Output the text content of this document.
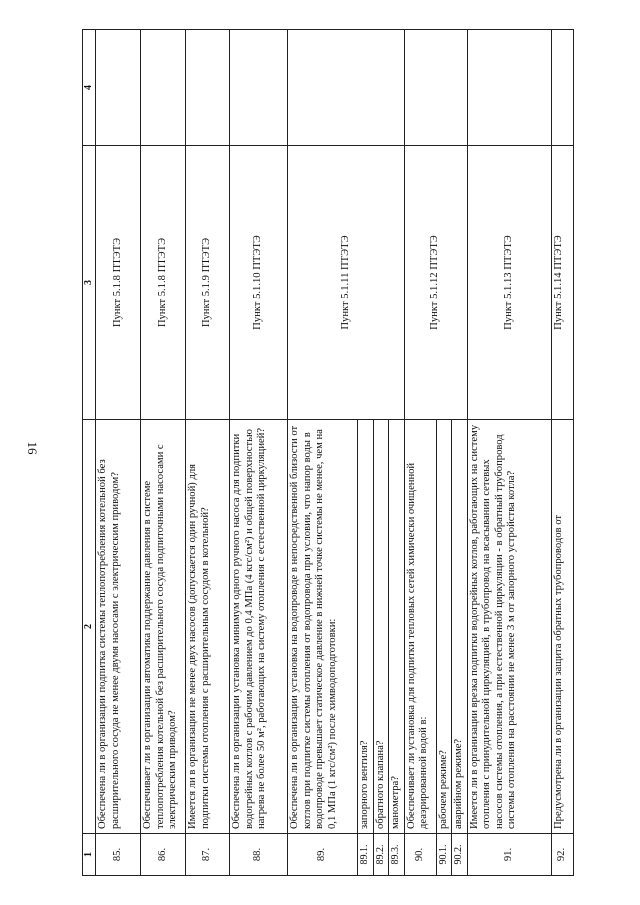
16
1	2	3	4
85.	Обеспечена ли в организации подпитка системы теплопотребления котельной без расширительного сосуда не менее двумя насосами с электрическим приводом?	Пункт 5.1.8 ПТЭТЭ	
86.	Обеспечивает ли в организации автоматика поддержание давления в системе теплопотребления котельной без расширительного сосуда подпиточными насосами с электрическим приводом?	Пункт 5.1.8 ПТЭТЭ	
87.	Имеется ли в организации не менее двух насосов (допускается один ручной) для подпитки системы отопления с расширительным сосудом в котельной?	Пункт 5.1.9 ПТЭТЭ	
88.	Обеспечена ли в организации установка минимум одного ручного насоса для подпитки водогрейных котлов с рабочим давлением до 0,4 МПа (4 кгс/см²) и общей поверхностью нагрева не более 50 м², работающих на систему отопления с естественной циркуляцией?	Пункт 5.1.10 ПТЭТЭ	
89.	Обеспечена ли в организации установка на водопроводе в непосредственной близости от котлов при подпитке системы отопления от водопровода при условии, что напор воды в водопроводе превышает статическое давление в нижней точке системы не менее, чем на 0,1 МПа (1 кгс/см²) после химводоподготовки:	Пункт 5.1.11 ПТЭТЭ	
89.1.	запорного вентиля?		
89.2.	обратного клапана?		
89.3.	манометра?		
90.	Обеспечивает ли установка для подпитки тепловых сетей химически очищенной деаэрированной водой в:	Пункт 5.1.12 ПТЭТЭ	
90.1.	рабочем режиме?		
90.2.	аварийном режиме?		
91.	Имеется ли в организации врезка подпитки водогрейных котлов, работающих на систему отопления с принудительной циркуляцией, в трубопровод на всасывании сетевых насосов системы отопления, а при естественной циркуляции - в обратный трубопровод системы отопления на расстоянии не менее 3 м от запорного устройства котла?	Пункт 5.1.13 ПТЭТЭ	
92.	Предусмотрена ли в организации защита обратных трубопроводов от	Пункт 5.1.14 ПТЭТЭ	
